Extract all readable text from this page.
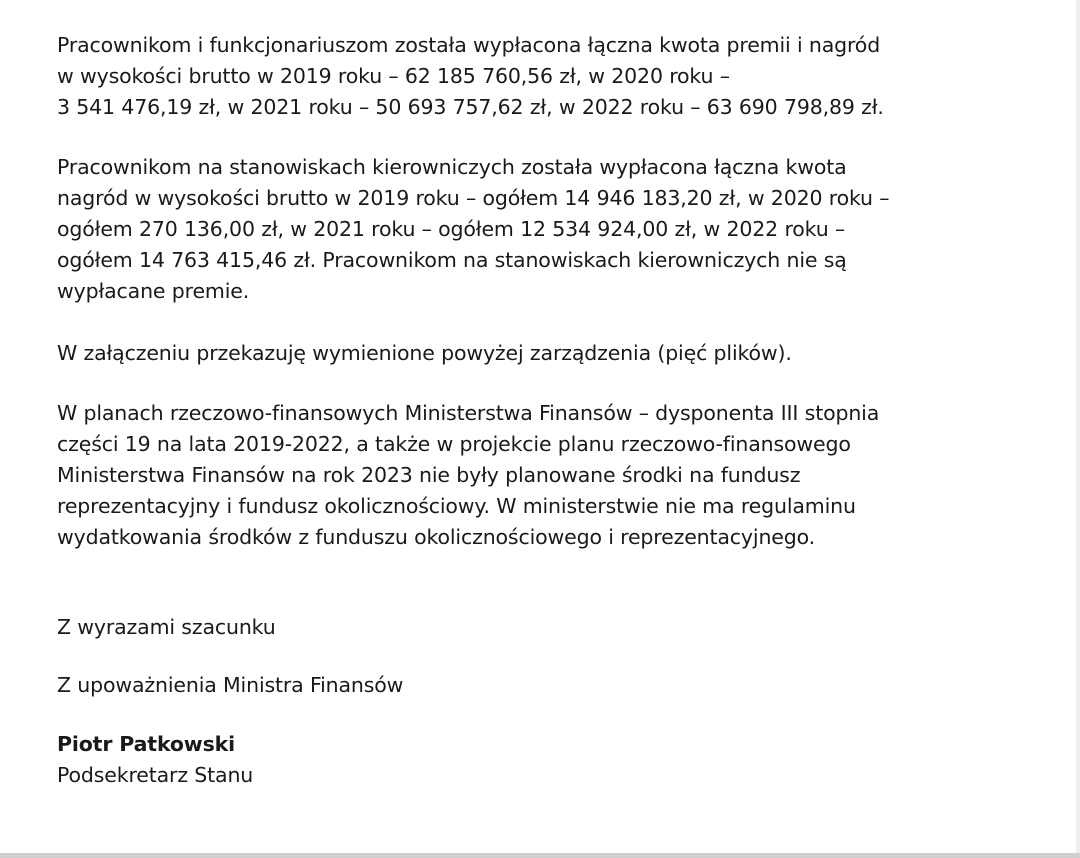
Pracownikom i funkcjonariuszom została wypłacona łączna kwota premii i nagród
w wysokości brutto w 2019 roku – 62 185 760,56 zł, w 2020 roku –
3 541 476,19 zł, w 2021 roku – 50 693 757,62 zł, w 2022 roku – 63 690 798,89 zł.

Pracownikom na stanowiskach kierowniczych została wypłacona łączna kwota
nagród w wysokości brutto w 2019 roku – ogółem 14 946 183,20 zł, w 2020 roku –
ogółem 270 136,00 zł, w 2021 roku – ogółem 12 534 924,00 zł, w 2022 roku –
ogółem 14 763 415,46 zł. Pracownikom na stanowiskach kierowniczych nie są
wypłacane premie.

W załączeniu przekazuję wymienione powyżej zarządzenia (pięć plików).

W planach rzeczowo-finansowych Ministerstwa Finansów – dysponenta III stopnia
części 19 na lata 2019-2022, a także w projekcie planu rzeczowo-finansowego
Ministerstwa Finansów na rok 2023 nie były planowane środki na fundusz
reprezentacyjny i fundusz okolicznościowy. W ministerstwie nie ma regulaminu
wydatkowania środków z funduszu okolicznościowego i reprezentacyjnego.

Z wyrazami szacunku

Z upoważnienia Ministra Finansów

Piotr Patkowski

Podsekretarz Stanu
